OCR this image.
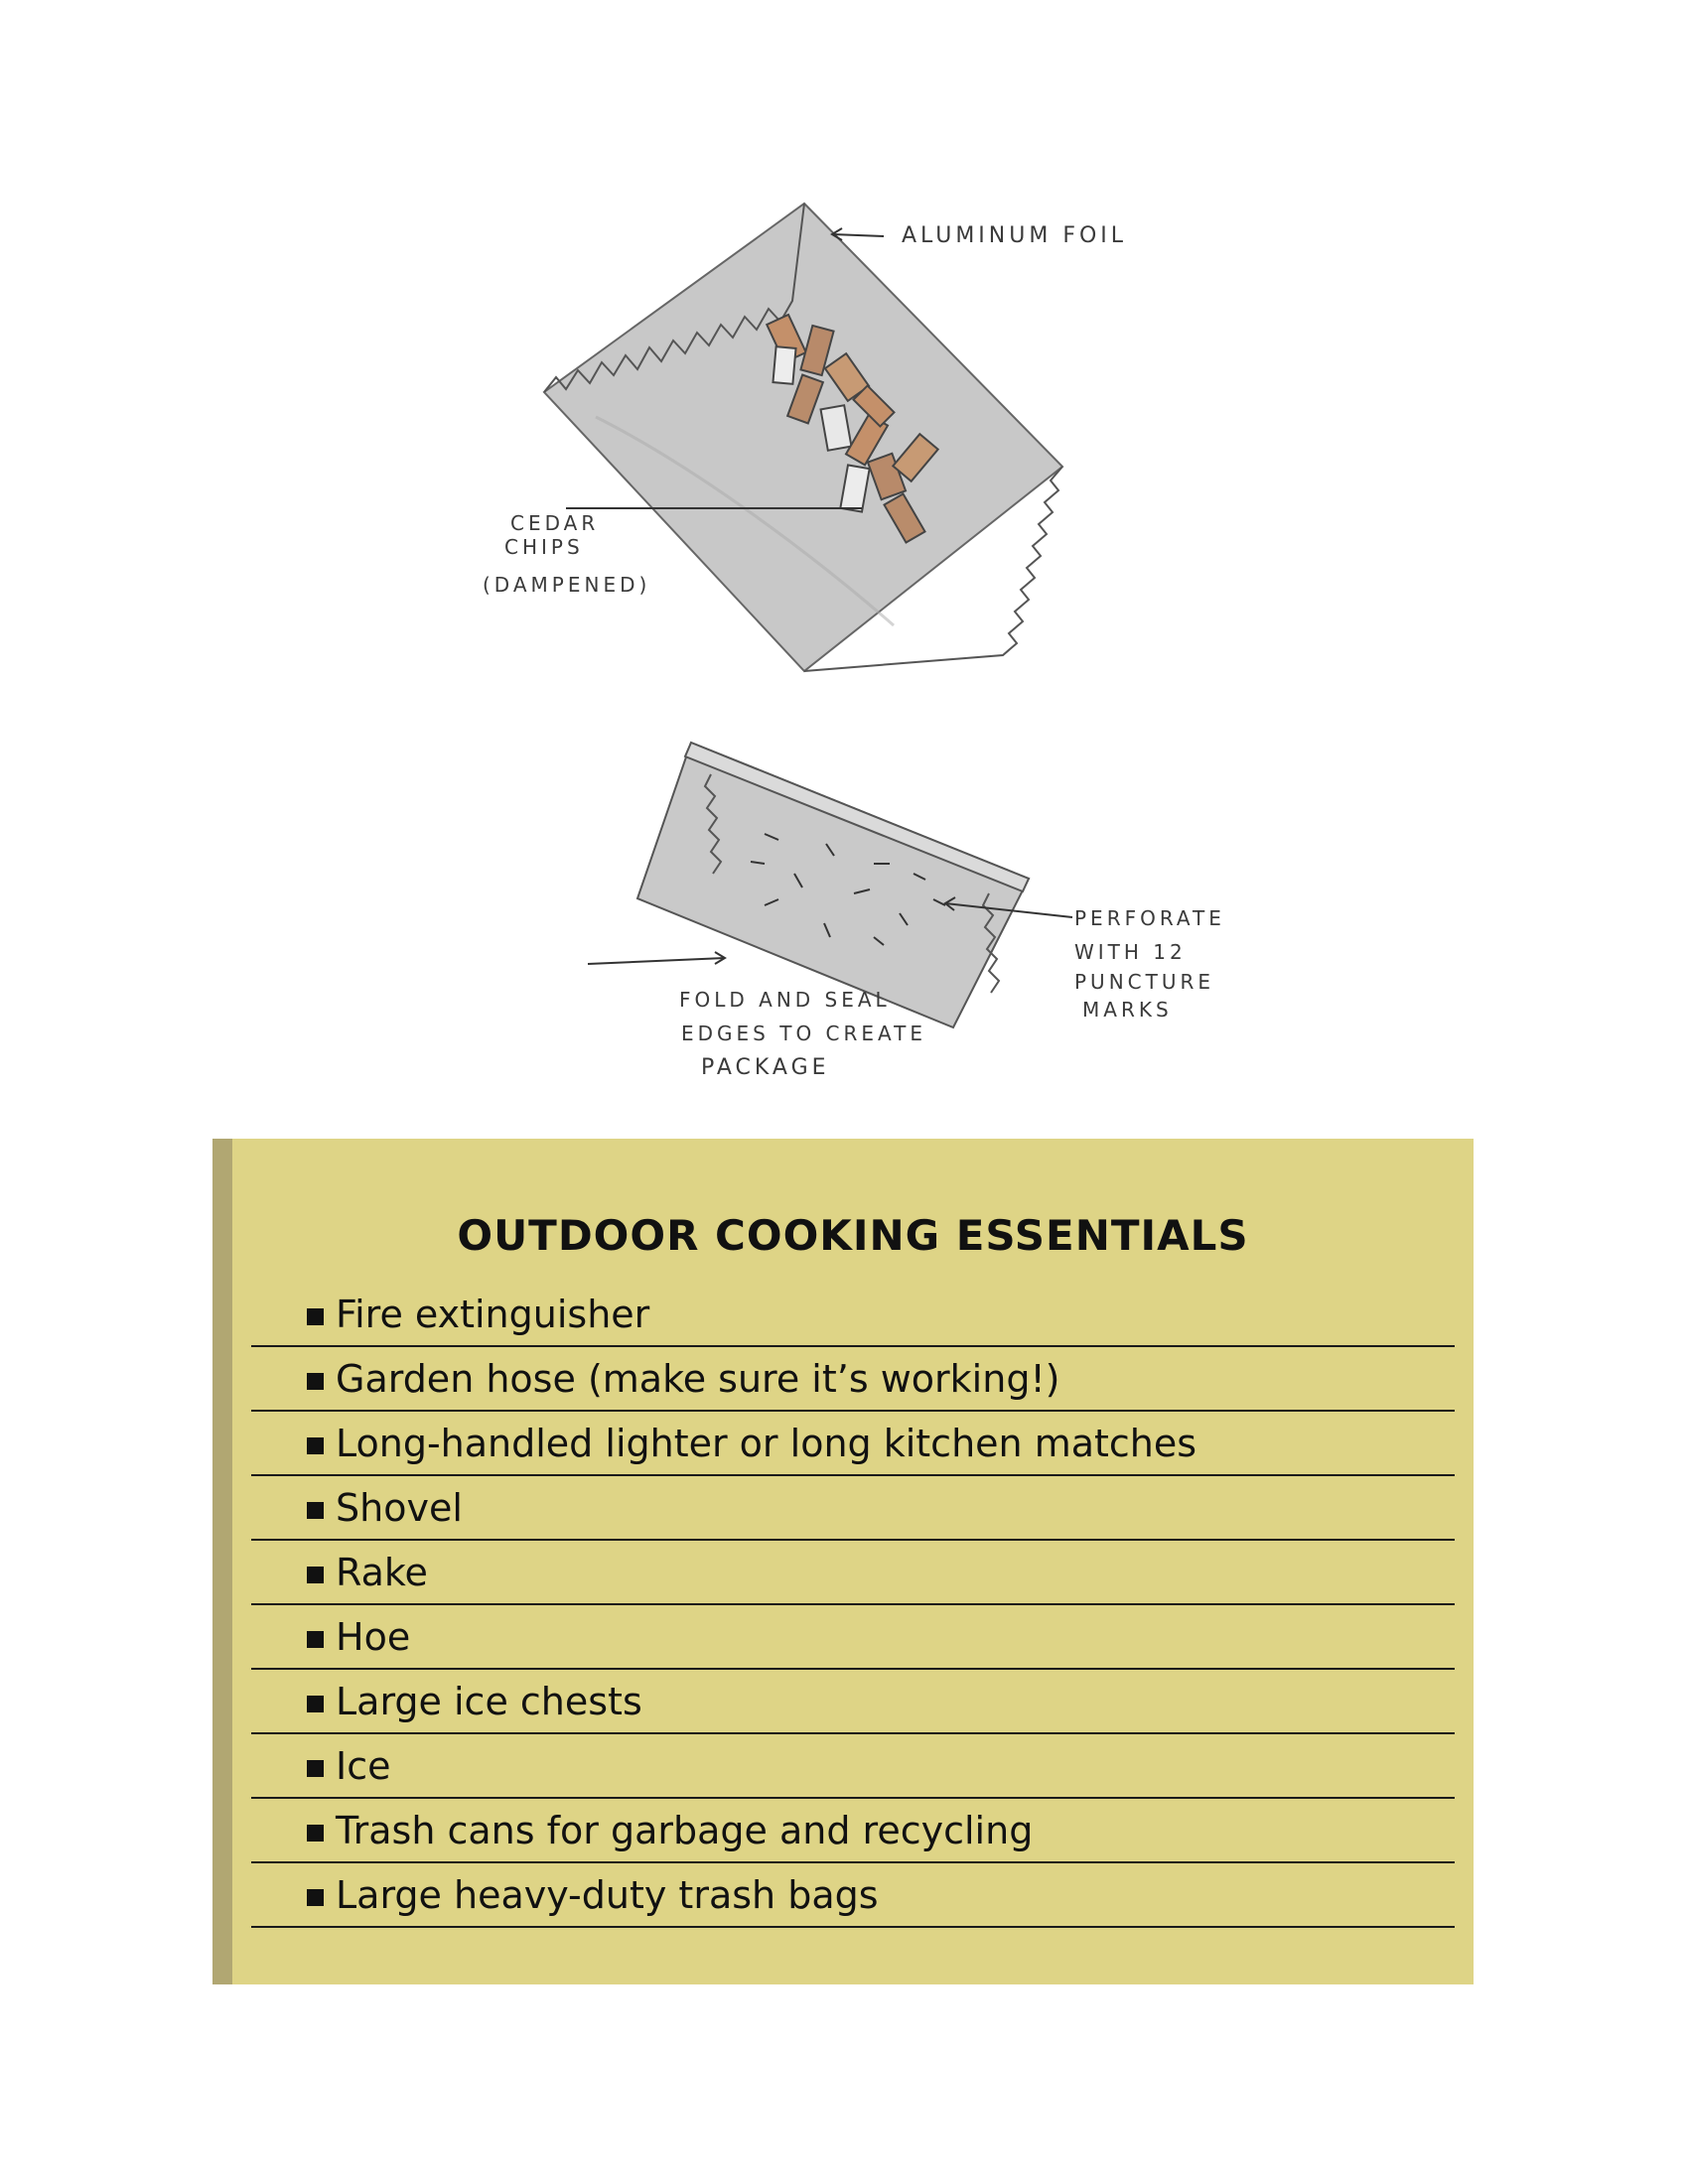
ALUMINUM FOIL
CEDAR
CHIPS
(DAMPENED)
PERFORATE
WITH 12
PUNCTURE
MARKS
FOLD AND SEAL
EDGES TO CREATE
PACKAGE
OUTDOOR COOKING ESSENTIALS
Fire extinguisher
Garden hose (make sure it’s working!)
Long-handled lighter or long kitchen matches
Shovel
Rake
Hoe
Large ice chests
Ice
Trash cans for garbage and recycling
Large heavy-duty trash bags
